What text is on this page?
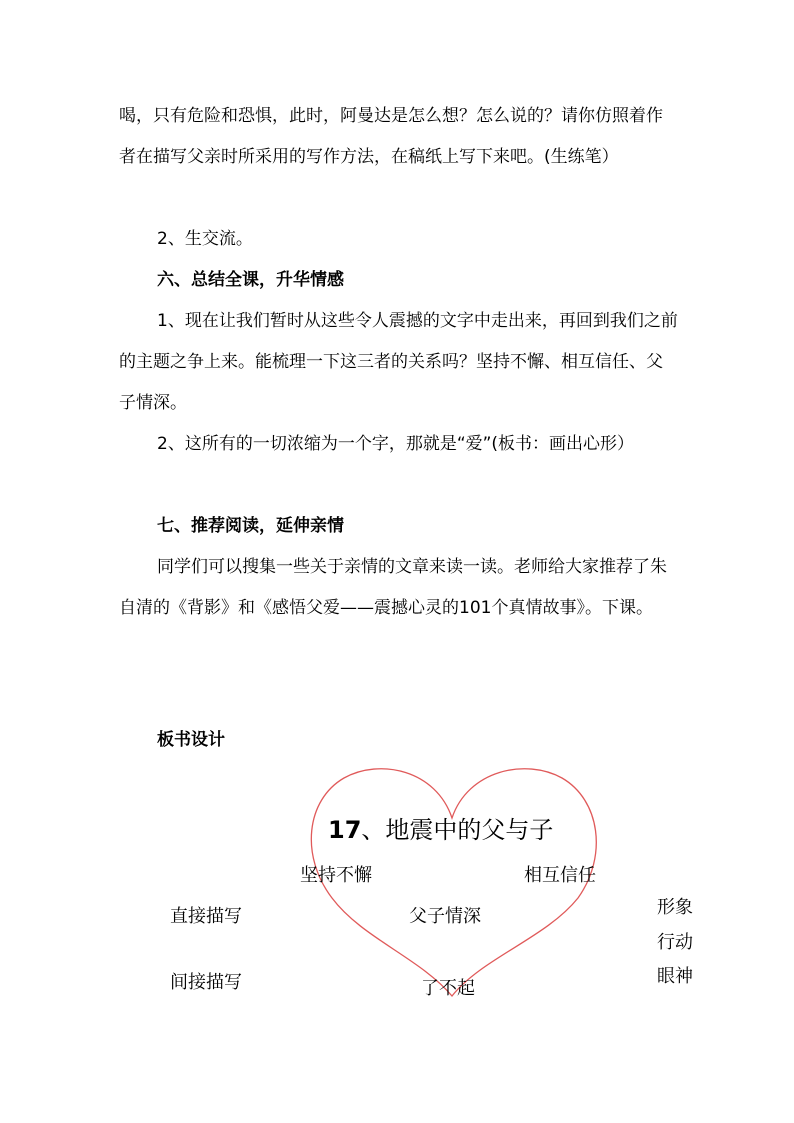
喝，只有危险和恐惧，此时，阿曼达是怎么想？怎么说的？请你仿照着作者在描写父亲时所采用的写作方法，在稿纸上写下来吧。(生练笔）

2、生交流。

六、总结全课，升华情感

1、现在让我们暂时从这些令人震撼的文字中走出来，再回到我们之前的主题之争上来。能梳理一下这三者的关系吗？坚持不懈、相互信任、父子情深。

2、这所有的一切浓缩为一个字，那就是“爱”(板书：画出心形）

七、推荐阅读，延伸亲情

同学们可以搜集一些关于亲情的文章来读一读。老师给大家推荐了朱自清的《背影》和《感悟父爱——震撼心灵的101个真情故事》。下课。

板书设计

17、地震中的父与子
坚持不懈	相互信任
直接描写	父子情深
间接描写	了不起
形象
行动
眼神
